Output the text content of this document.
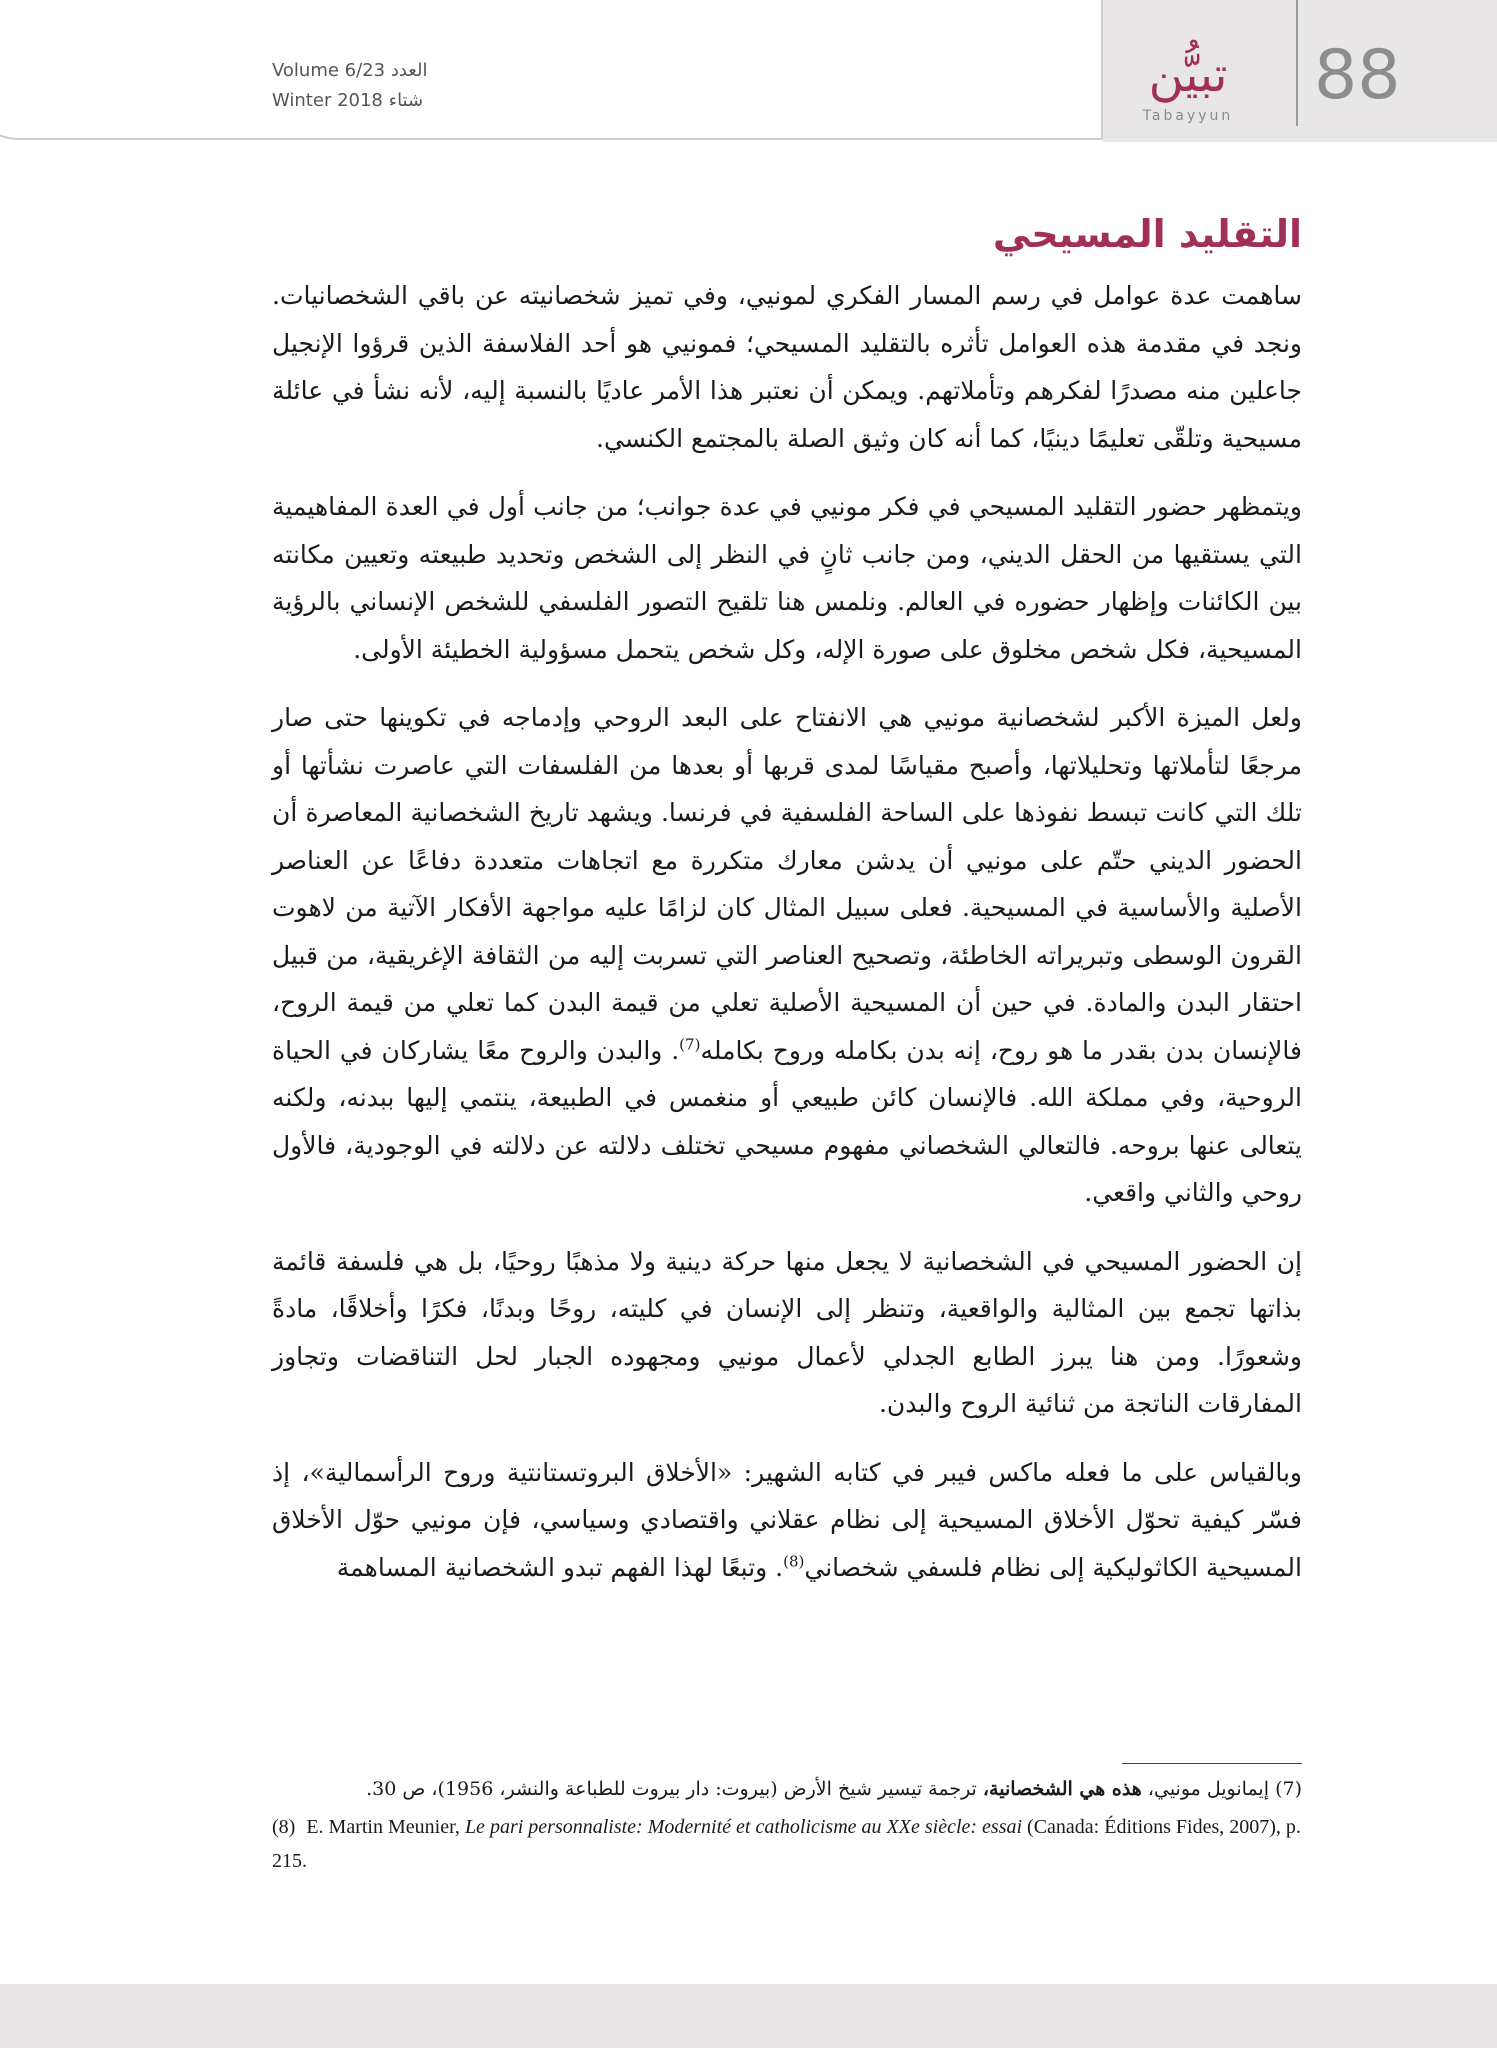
Volume 6/23 العدد
Winter 2018 شتاء	تبيُّن
Tabayyun
88
التقليد المسيحي

ساهمت عدة عوامل في رسم المسار الفكري لمونيي، وفي تميز شخصانيته عن باقي الشخصانيات. ونجد في مقدمة هذه العوامل تأثره بالتقليد المسيحي؛ فمونيي هو أحد الفلاسفة الذين قرؤوا الإنجيل جاعلين منه مصدرًا لفكرهم وتأملاتهم. ويمكن أن نعتبر هذا الأمر عاديًا بالنسبة إليه، لأنه نشأ في عائلة مسيحية وتلقّى تعليمًا دينيًا، كما أنه كان وثيق الصلة بالمجتمع الكنسي.

ويتمظهر حضور التقليد المسيحي في فكر مونيي في عدة جوانب؛ من جانب أول في العدة المفاهيمية التي يستقيها من الحقل الديني، ومن جانب ثانٍ في النظر إلى الشخص وتحديد طبيعته وتعيين مكانته بين الكائنات وإظهار حضوره في العالم. ونلمس هنا تلقيح التصور الفلسفي للشخص الإنساني بالرؤية المسيحية، فكل شخص مخلوق على صورة الإله، وكل شخص يتحمل مسؤولية الخطيئة الأولى.

ولعل الميزة الأكبر لشخصانية مونيي هي الانفتاح على البعد الروحي وإدماجه في تكوينها حتى صار مرجعًا لتأملاتها وتحليلاتها، وأصبح مقياسًا لمدى قربها أو بعدها من الفلسفات التي عاصرت نشأتها أو تلك التي كانت تبسط نفوذها على الساحة الفلسفية في فرنسا. ويشهد تاريخ الشخصانية المعاصرة أن الحضور الديني حتّم على مونيي أن يدشن معارك متكررة مع اتجاهات متعددة دفاعًا عن العناصر الأصلية والأساسية في المسيحية. فعلى سبيل المثال كان لزامًا عليه مواجهة الأفكار الآتية من لاهوت القرون الوسطى وتبريراته الخاطئة، وتصحيح العناصر التي تسربت إليه من الثقافة الإغريقية، من قبيل احتقار البدن والمادة. في حين أن المسيحية الأصلية تعلي من قيمة البدن كما تعلي من قيمة الروح، فالإنسان بدن بقدر ما هو روح، إنه بدن بكامله وروح بكامله$^{(7)}$. والبدن والروح معًا يشاركان في الحياة الروحية، وفي مملكة الله. فالإنسان كائن طبيعي أو منغمس في الطبيعة، ينتمي إليها ببدنه، ولكنه يتعالى عنها بروحه. فالتعالي الشخصاني مفهوم مسيحي تختلف دلالته عن دلالته في الوجودية، فالأول روحي والثاني واقعي.

إن الحضور المسيحي في الشخصانية لا يجعل منها حركة دينية ولا مذهبًا روحيًا، بل هي فلسفة قائمة بذاتها تجمع بين المثالية والواقعية، وتنظر إلى الإنسان في كليته، روحًا وبدنًا، فكرًا وأخلاقًا، مادةً وشعورًا. ومن هنا يبرز الطابع الجدلي لأعمال مونيي ومجهوده الجبار لحل التناقضات وتجاوز المفارقات الناتجة من ثنائية الروح والبدن.

وبالقياس على ما فعله ماكس فيبر في كتابه الشهير: «الأخلاق البروتستانتية وروح الرأسمالية»، إذ فسّر كيفية تحوّل الأخلاق المسيحية إلى نظام عقلاني واقتصادي وسياسي، فإن مونيي حوّل الأخلاق المسيحية الكاثوليكية إلى نظام فلسفي شخصاني$^{(8)}$. وتبعًا لهذا الفهم تبدو الشخصانية المساهمة

(7) إيمانويل مونيي، هذه هي الشخصانية، ترجمة تيسير شيخ الأرض (بيروت: دار بيروت للطباعة والنشر، 1956)، ص 30.
(8) E. Martin Meunier, Le pari personnaliste: Modernité et catholicisme au XXe siècle: essai (Canada: Éditions Fides, 2007), p. 215.
